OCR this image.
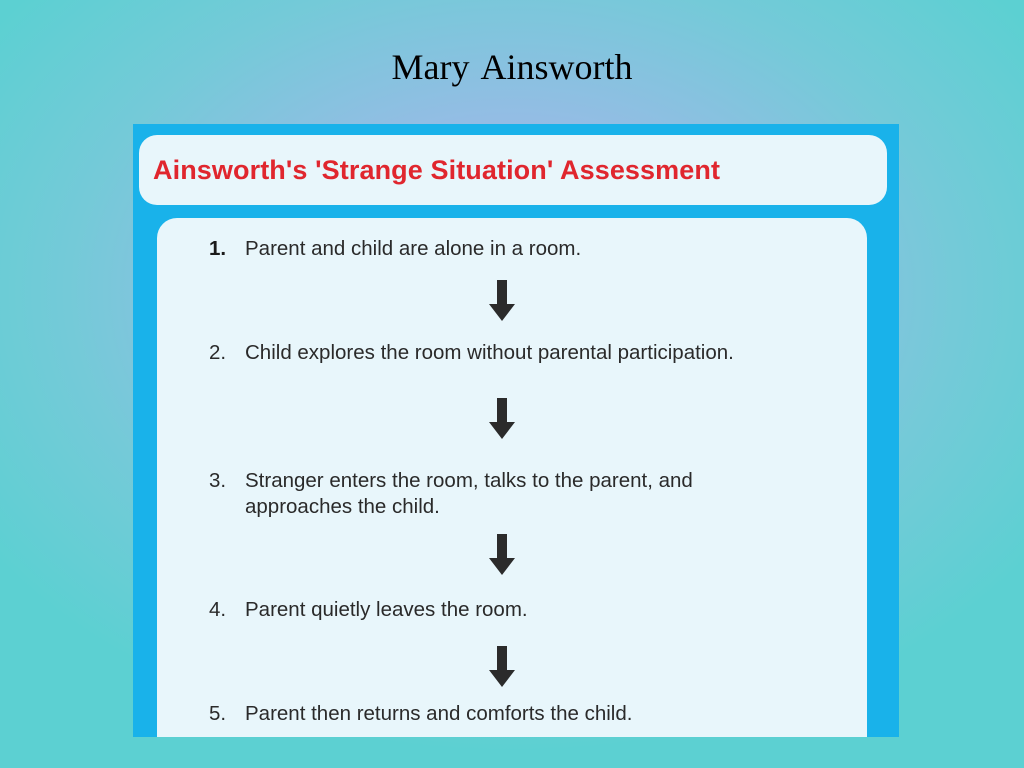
Mary Ainsworth
Ainsworth's 'Strange Situation' Assessment
1. Parent and child are alone in a room.
2. Child explores the room without parental participation.
3. Stranger enters the room, talks to the parent, and approaches the child.
4. Parent quietly leaves the room.
5. Parent then returns and comforts the child.
